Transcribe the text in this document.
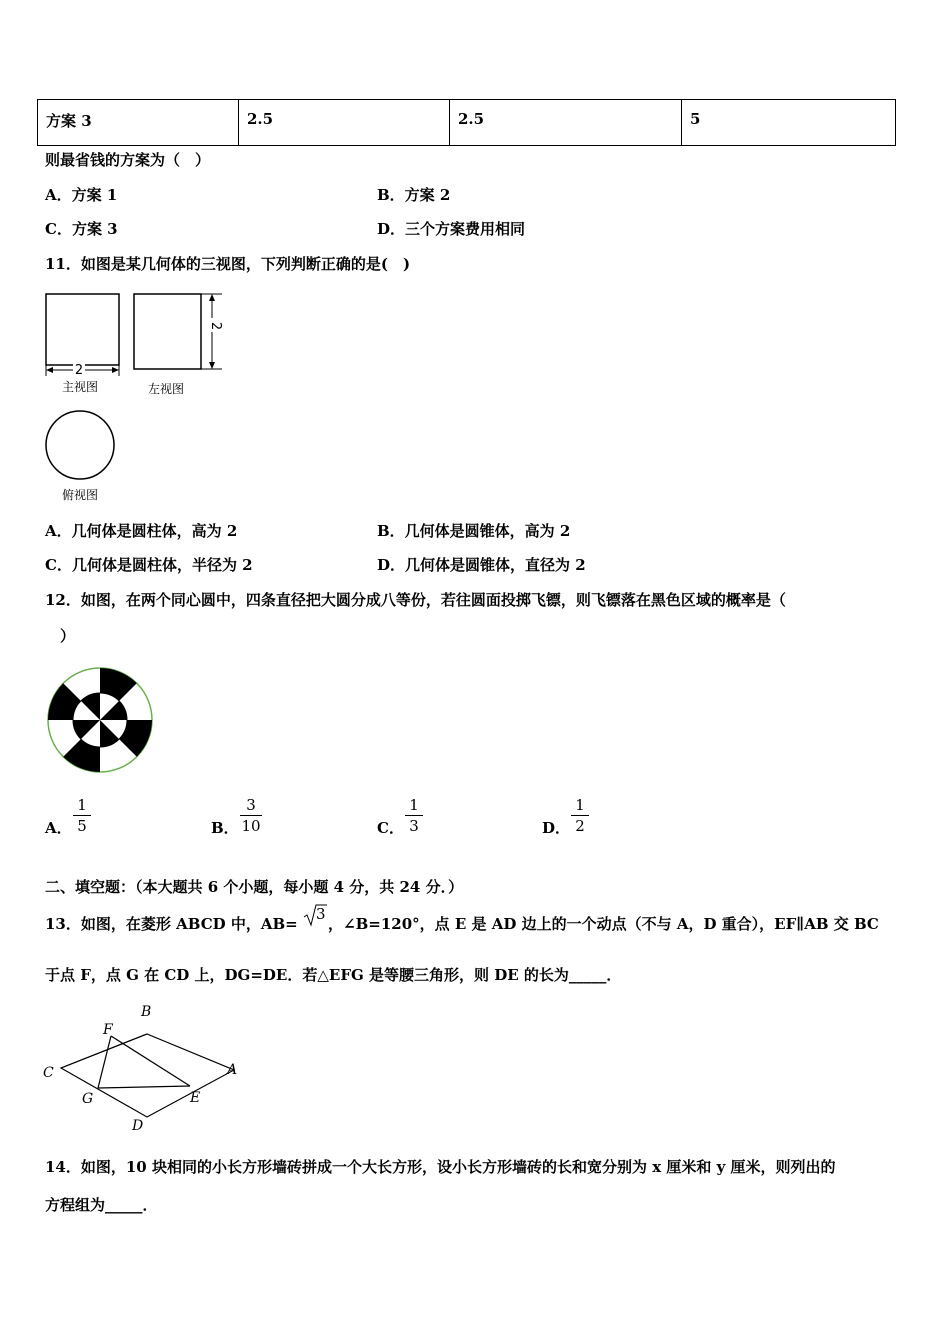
方案 3	2.5	2.5	5
则最省钱的方案为（　）
A．方案 1	B．方案 2
C．方案 3	D．三个方案费用相同
11．如图是某几何体的三视图，下列判断正确的是(　)
2
主视图
2
左视图
俯视图
A．几何体是圆柱体，高为 2	B．几何体是圆锥体，高为 2
C．几何体是圆柱体，半径为 2	D．几何体是圆锥体，直径为 2
12．如图，在两个同心圆中，四条直径把大圆分成八等份，若往圆面投掷飞镖，则飞镖落在黑色区域的概率是（
）
A．
1
5	B．
3
10	C．
1
3	D．
1
2
二、填空题：（本大题共 6 个小题，每小题 4 分，共 24 分．）
13．如图，在菱形 ABCD 中，AB=
3
，∠B=120°，点 E 是 AD 边上的一个动点（不与 A，D 重合），EF∥AB 交 BC
于点 F，点 G 在 CD 上，DG=DE．若△EFG 是等腰三角形，则 DE 的长为_____．
B
F
C	A
G	E
D
14．如图，10 块相同的小长方形墙砖拼成一个大长方形，设小长方形墙砖的长和宽分别为 x 厘米和 y 厘米，则列出的
方程组为_____．
